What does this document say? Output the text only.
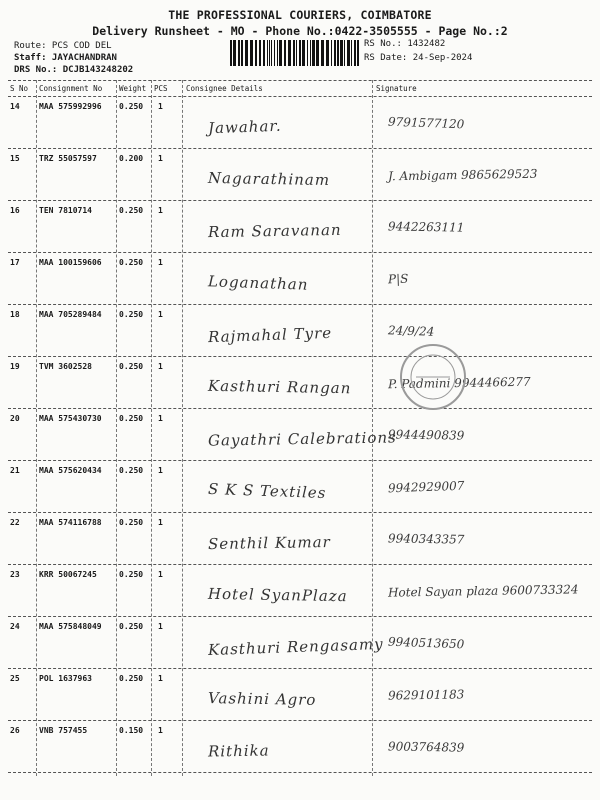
THE PROFESSIONAL COURIERS, COIMBATORE
Delivery Runsheet - MO - Phone No.:0422-3505555 - Page No.:2
Route: PCS COD DEL
Staff: JAYACHANDRAN
DRS No.: DCJB143248202
RS No.: 1432482
RS Date: 24-Sep-2024
S No Consignment No Weight PCS Consignee Details	Signature
14 MAA 575992996 0.250 1
Jawahar.	9791577120
15 TRZ 55057597	0.200 1
Nagarathinam	J. Ambigam 9865629523
16 TEN 7810714	0.250 1
Ram Saravanan	9442263111
17 MAA 100159606 0.250 1
Loganathan	P|S
18 MAA 705289484 0.250 1
Rajmahal Tyre	24/9/24
19 TVM 3602528	0.250 1
Kasthuri Rangan	P. Padmini 9944466277
20 MAA 575430730 0.250 1
Gayathri Calebrations
9944490839
21 MAA 575620434 0.250 1
S K S Textiles	9942929007
22 MAA 574116788 0.250 1
Senthil Kumar	9940343357
23 KRR 50067245	0.250 1
Hotel SyanPlaza	Hotel Sayan plaza 9600733324
24 MAA 575848049 0.250 1
Kasthuri Rengasamy 9940513650
25 POL 1637963	0.250 1
Vashini Agro	9629101183
26 VNB 757455	0.150 1
Rithika	9003764839
